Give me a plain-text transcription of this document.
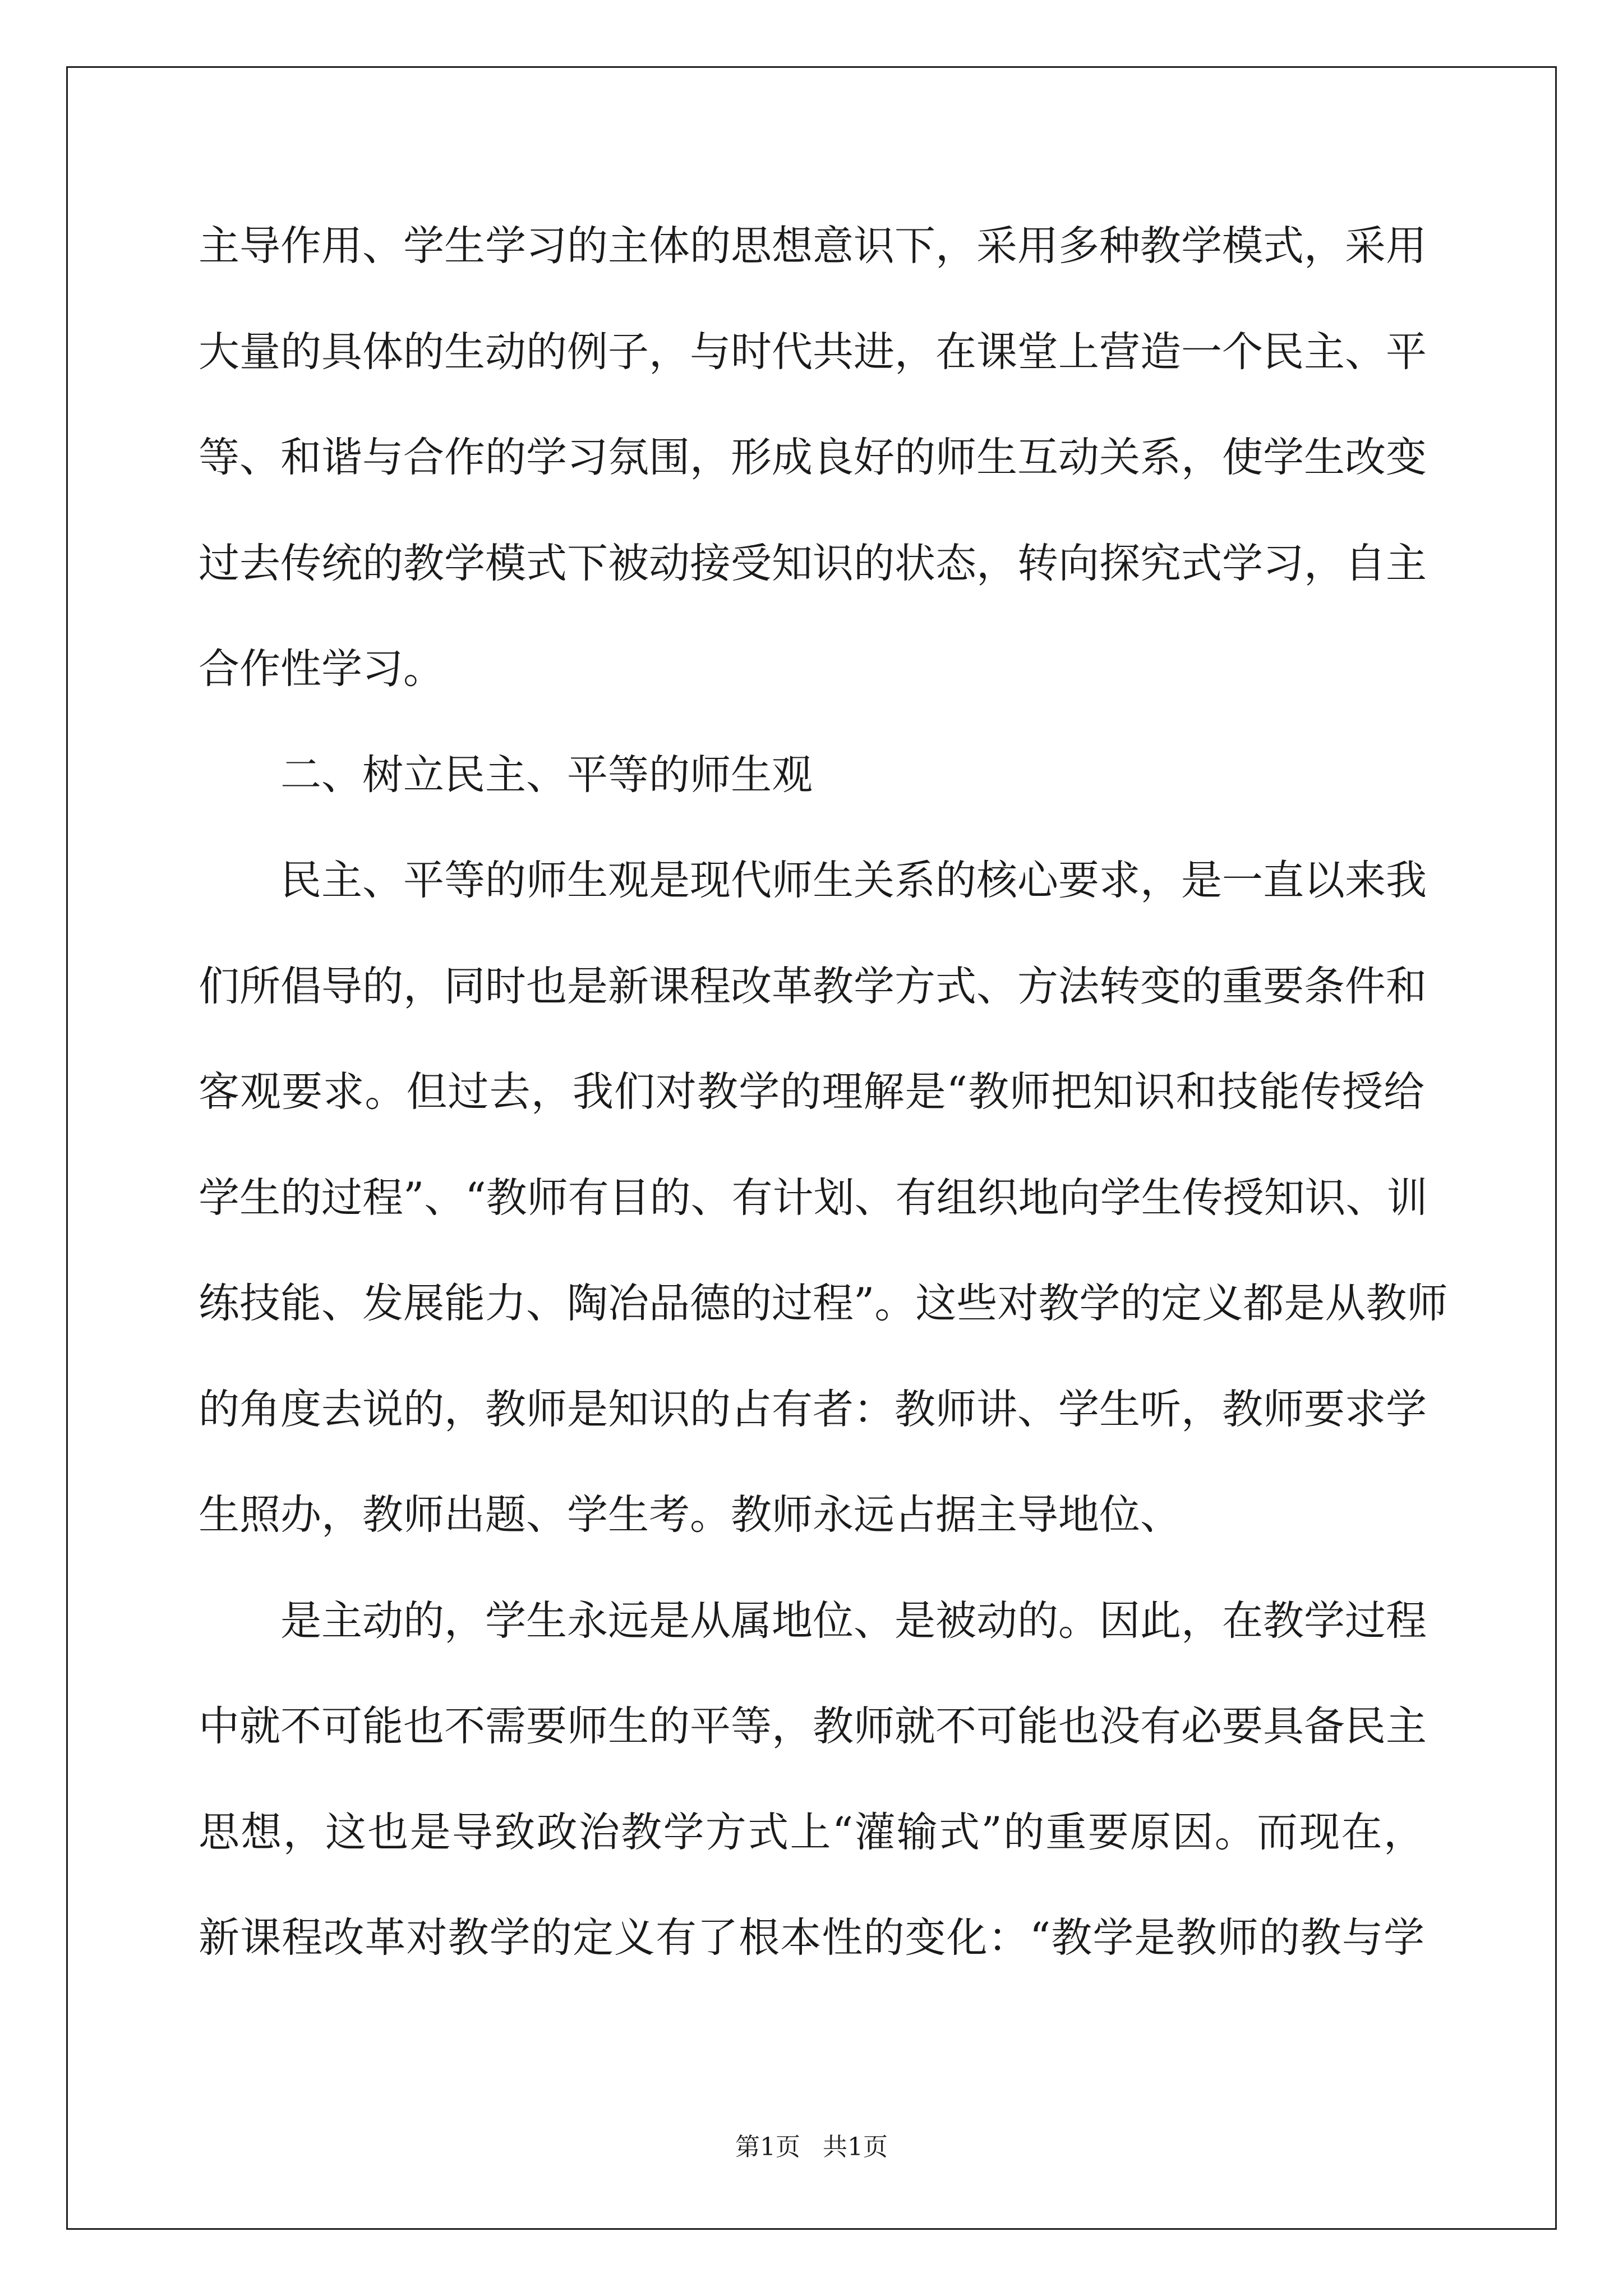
主导作用、学生学习的主体的思想意识下，采用多种教学模式，采用
大量的具体的生动的例子，与时代共进，在课堂上营造一个民主、平
等、和谐与合作的学习氛围，形成良好的师生互动关系，使学生改变
过去传统的教学模式下被动接受知识的状态，转向探究式学习，自主
合作性学习。
二、树立民主、平等的师生观
民主、平等的师生观是现代师生关系的核心要求，是一直以来我
们所倡导的，同时也是新课程改革教学方式、方法转变的重要条件和
客观要求。但过去，我们对教学的理解是“教师把知识和技能传授给
学生的过程”、“教师有目的、有计划、有组织地向学生传授知识、训
练技能、发展能力、陶冶品德的过程”。这些对教学的定义都是从教师
的角度去说的，教师是知识的占有者：教师讲、学生听，教师要求学
生照办，教师出题、学生考。教师永远占据主导地位、
是主动的，学生永远是从属地位、是被动的。因此，在教学过程
中就不可能也不需要师生的平等，教师就不可能也没有必要具备民主
思想，这也是导致政治教学方式上“灌输式”的重要原因。而现在，
新课程改革对教学的定义有了根本性的变化：“教学是教师的教与学
第1页 共1页
